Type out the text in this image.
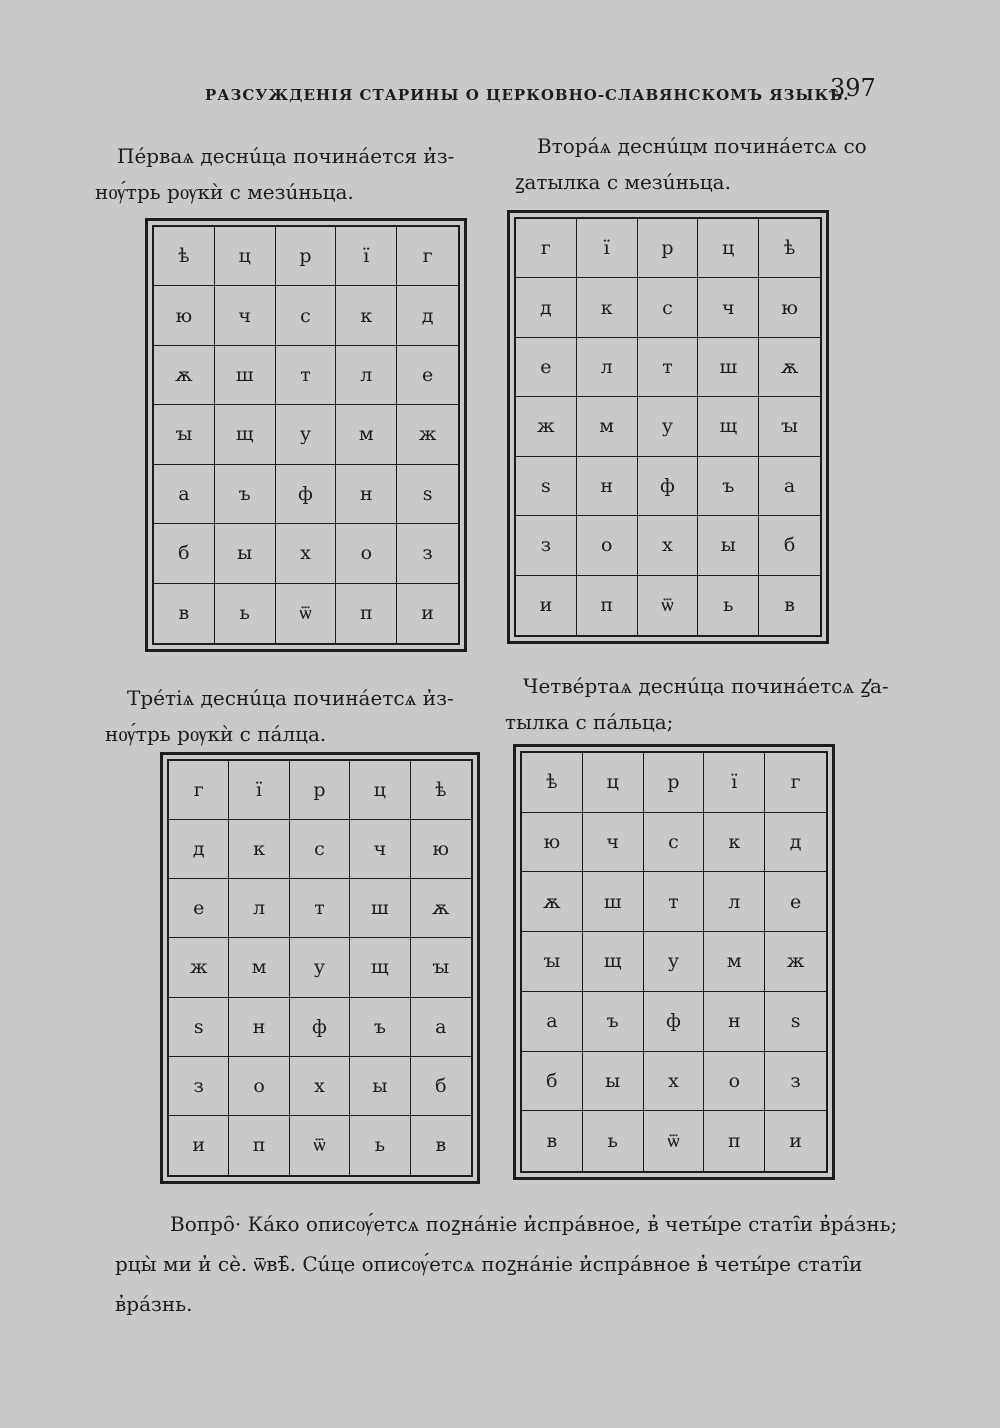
РАЗСУЖДЕНІЯ СТАРИНЫ О ЦЕРКОВНО-СЛАВЯНСКОМЪ ЯЗЫКѢ.
397
Пéрваѧ деснúца починáется и̓з-
нѹ́трь рѹкѝ с мезúньца.
Вторáѧ деснúцм починáетсѧ со
ꙁатылка с мезúньца.
ѣ	ц	р	ї	г
ю	ч	с	к	д
ѫ	ш	т	л	е
ꙑ	щ	у	м	ж
а	ъ	ф	н	ѕ
б	ы	х	о	з
в	ь	ѿ	п	и
г	ї	р	ц	ѣ
д	к	с	ч	ю
е	л	т	ш	ѫ
ж	м	у	щ	ꙑ
ѕ	н	ф	ъ	а
з	о	х	ы	б
и	п	ѿ	ь	в
Трéтіѧ деснúца починáетсѧ и̓з-
нѹ́трь рѹкѝ с пáлца.
Четвéртаѧ деснúца починáетсѧ ꙁ̓а-
тылка с пáльца;
г	ї	р	ц	ѣ
д	к	с	ч	ю
е	л	т	ш	ѫ
ж	м	у	щ	ꙑ
ѕ	н	ф	ъ	а
з	о	х	ы	б
и	п	ѿ	ь	в
ѣ	ц	р	ї	г
ю	ч	с	к	д
ѫ	ш	т	л	е
ꙑ	щ	у	м	ж
а	ъ	ф	н	ѕ
б	ы	х	о	з
в	ь	ѿ	п	и
Вопро̑· Кáко описѹ́етсѧ поꙁнáніе и̓спрáвное, в̓ четы́ре статі̑и в̓рáзнь;
рцы̀ ми и̓ сѐ. ѿвѣ̑. Сúце описѹ́етсѧ поꙁнáніе и̓спрáвное в̓ четы́ре статі̑и
в̓рáзнь.
